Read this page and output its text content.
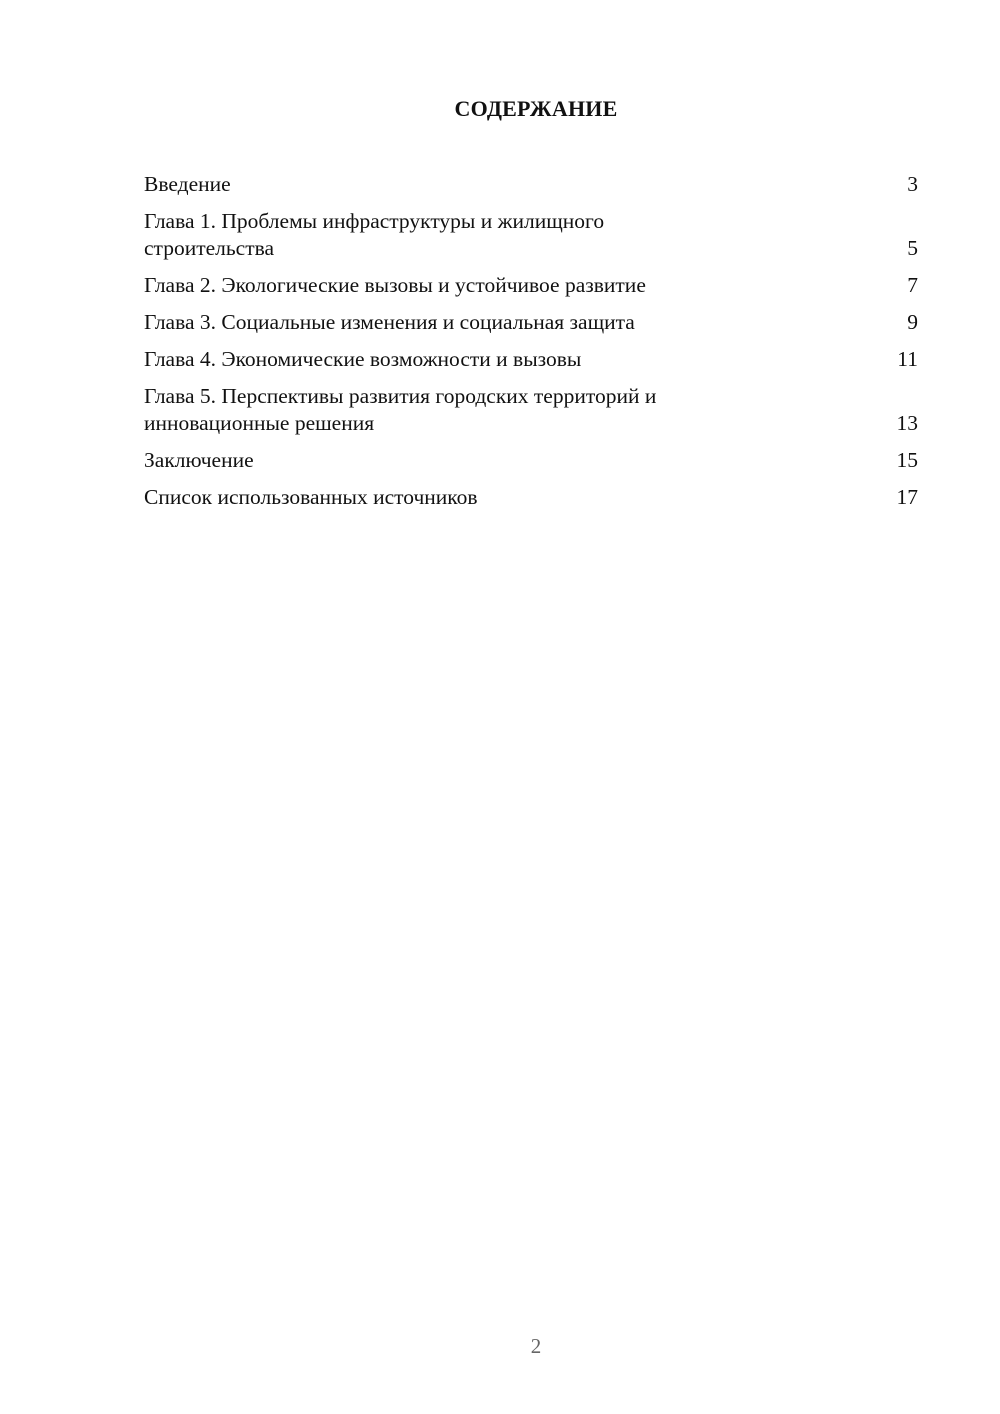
СОДЕРЖАНИЕ
Введение	3
Глава 1. Проблемы инфраструктуры и жилищного
строительства	5
Глава 2. Экологические вызовы и устойчивое развитие	7
Глава 3. Социальные изменения и социальная защита	9
Глава 4. Экономические возможности и вызовы	11
Глава 5. Перспективы развития городских территорий и
инновационные решения	13
Заключение	15
Список использованных источников	17
2
